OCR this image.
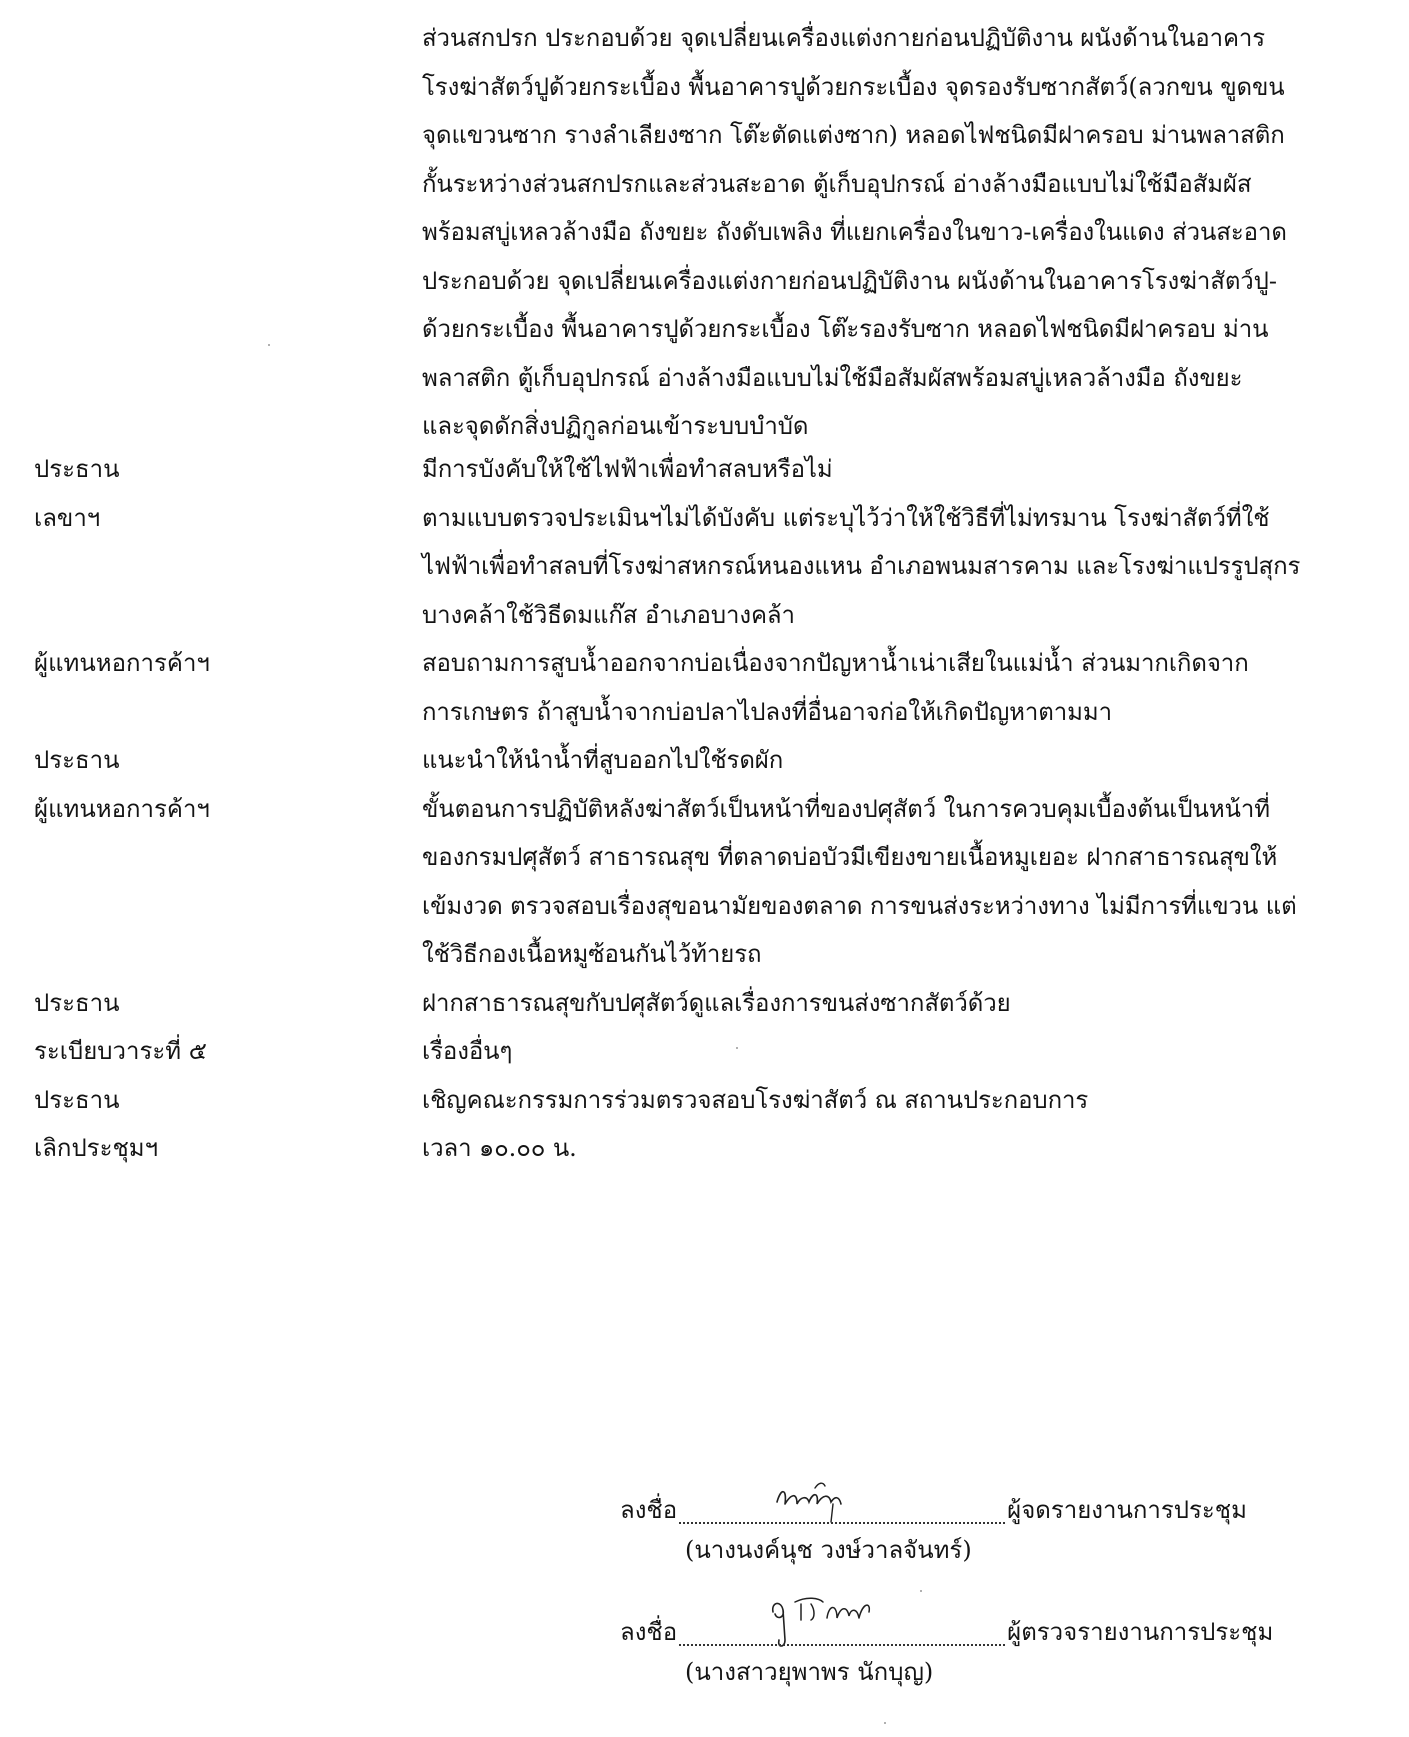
ส่วนสกปรก ประกอบด้วย จุดเปลี่ยนเครื่องแต่งกายก่อนปฏิบัติงาน ผนังด้านในอาคาร
โรงฆ่าสัตว์ปูด้วยกระเบื้อง พื้นอาคารปูด้วยกระเบื้อง จุดรองรับซากสัตว์(ลวกขน ขูดขน
จุดแขวนซาก รางลำเลียงซาก โต๊ะตัดแต่งซาก) หลอดไฟชนิดมีฝาครอบ ม่านพลาสติก
กั้นระหว่างส่วนสกปรกและส่วนสะอาด ตู้เก็บอุปกรณ์ อ่างล้างมือแบบไม่ใช้มือสัมผัส
พร้อมสบู่เหลวล้างมือ ถังขยะ ถังดับเพลิง ที่แยกเครื่องในขาว-เครื่องในแดง ส่วนสะอาด
ประกอบด้วย จุดเปลี่ยนเครื่องแต่งกายก่อนปฏิบัติงาน ผนังด้านในอาคารโรงฆ่าสัตว์ปู-
ด้วยกระเบื้อง พื้นอาคารปูด้วยกระเบื้อง โต๊ะรองรับซาก หลอดไฟชนิดมีฝาครอบ ม่าน
พลาสติก ตู้เก็บอุปกรณ์ อ่างล้างมือแบบไม่ใช้มือสัมผัสพร้อมสบู่เหลวล้างมือ ถังขยะ
และจุดดักสิ่งปฏิกูลก่อนเข้าระบบบำบัด
ประธาน	มีการบังคับให้ใช้ไฟฟ้าเพื่อทำสลบหรือไม่
เลขาฯ	ตามแบบตรวจประเมินฯไม่ได้บังคับ แต่ระบุไว้ว่าให้ใช้วิธีที่ไม่ทรมาน โรงฆ่าสัตว์ที่ใช้
ไฟฟ้าเพื่อทำสลบที่โรงฆ่าสหกรณ์หนองแหน อำเภอพนมสารคาม และโรงฆ่าแปรรูปสุกร
บางคล้าใช้วิธีดมแก๊ส อำเภอบางคล้า
ผู้แทนหอการค้าฯ	สอบถามการสูบน้ำออกจากบ่อเนื่องจากปัญหาน้ำเน่าเสียในแม่น้ำ ส่วนมากเกิดจาก
การเกษตร ถ้าสูบน้ำจากบ่อปลาไปลงที่อื่นอาจก่อให้เกิดปัญหาตามมา
ประธาน	แนะนำให้นำน้ำที่สูบออกไปใช้รดผัก
ผู้แทนหอการค้าฯ	ขั้นตอนการปฏิบัติหลังฆ่าสัตว์เป็นหน้าที่ของปศุสัตว์ ในการควบคุมเบื้องต้นเป็นหน้าที่
ของกรมปศุสัตว์ สาธารณสุข ที่ตลาดบ่อบัวมีเขียงขายเนื้อหมูเยอะ ฝากสาธารณสุขให้
เข้มงวด ตรวจสอบเรื่องสุขอนามัยของตลาด การขนส่งระหว่างทาง ไม่มีการที่แขวน แต่
ใช้วิธีกองเนื้อหมูซ้อนกันไว้ท้ายรถ
ประธาน	ฝากสาธารณสุขกับปศุสัตว์ดูแลเรื่องการขนส่งซากสัตว์ด้วย
ระเบียบวาระที่ ๕	เรื่องอื่นๆ
ประธาน	เชิญคณะกรรมการร่วมตรวจสอบโรงฆ่าสัตว์ ณ สถานประกอบการ
เลิกประชุมฯ	เวลา ๑๐.๐๐ น.
ลงชื่อ	ผู้จดรายงานการประชุม
(นางนงค์นุช วงษ์วาลจันทร์)
ลงชื่อ	ผู้ตรวจรายงานการประชุม
(นางสาวยุพาพร นักบุญ)
